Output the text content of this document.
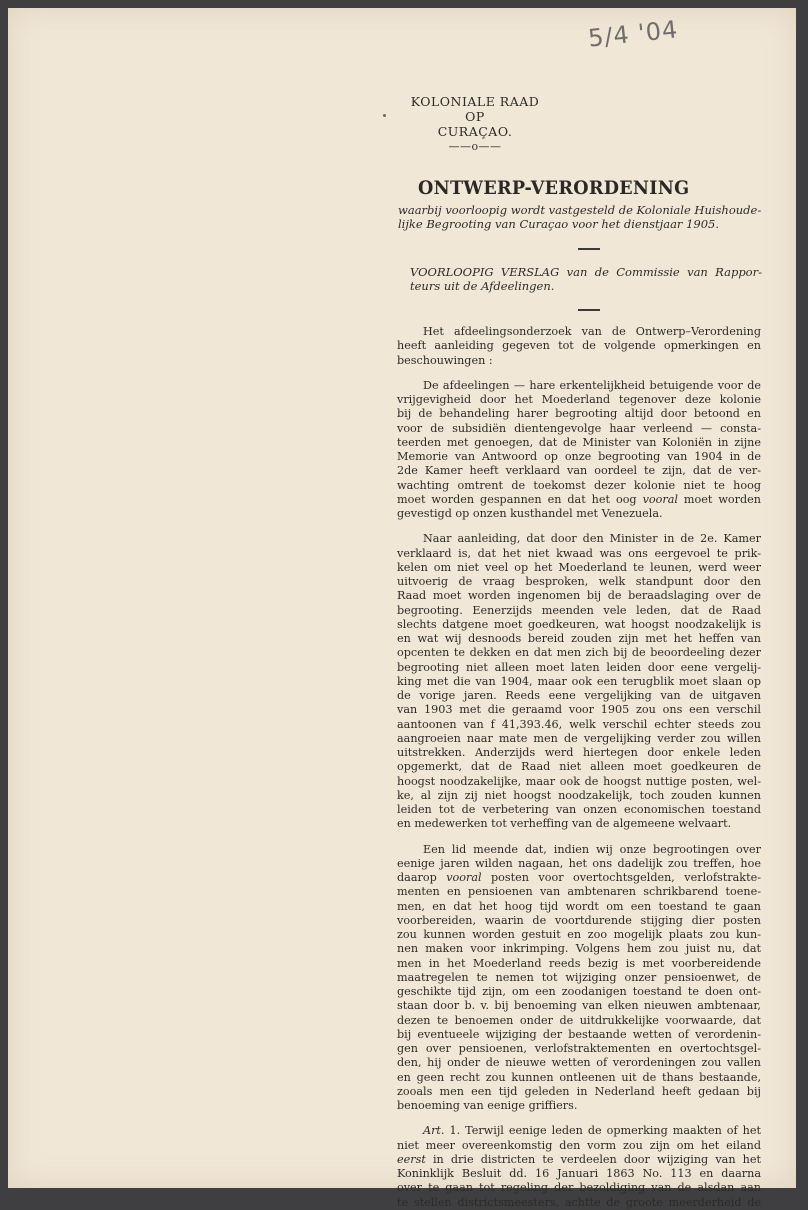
5/4 '04
KOLONIALE RAAD
OP
CURAÇAO.
——o——
ONTWERP-VERORDENING
waarbij voorloopig wordt vastgesteld de Koloniale Huishoude-
lijke Begrooting van Curaçao voor het dienstjaar 1905.
VOORLOOPIG VERSLAG van de Commissie van Rappor-
teurs uit de Afdeelingen.

Het afdeelingsonderzoek van de Ontwerp–Verordening
heeft aanleiding gegeven tot de volgende opmerkingen en
beschouwingen :

De afdeelingen — hare erkentelijkheid betuigende voor de
vrijgevigheid door het Moederland tegenover deze kolonie
bij de behandeling harer begrooting altijd door betoond en
voor de subsidiën dientengevolge haar verleend — consta-
teerden met genoegen, dat de Minister van Koloniën in zijne
Memorie van Antwoord op onze begrooting van 1904 in de
2de Kamer heeft verklaard van oordeel te zijn, dat de ver-
wachting omtrent de toekomst dezer kolonie niet te hoog
moet worden gespannen en dat het oog vooral moet worden
gevestigd op onzen kusthandel met Venezuela.

Naar aanleiding, dat door den Minister in de 2e. Kamer
verklaard is, dat het niet kwaad was ons eergevoel te prik-
kelen om niet veel op het Moederland te leunen, werd weer
uitvoerig de vraag besproken, welk standpunt door den
Raad moet worden ingenomen bij de beraadslaging over de
begrooting. Eenerzijds meenden vele leden, dat de Raad
slechts datgene moet goedkeuren, wat hoogst noodzakelijk is
en wat wij desnoods bereid zouden zijn met het heffen van
opcenten te dekken en dat men zich bij de beoordeeling dezer
begrooting niet alleen moet laten leiden door eene vergelij-
king met die van 1904, maar ook een terugblik moet slaan op
de vorige jaren. Reeds eene vergelijking van de uitgaven
van 1903 met die geraamd voor 1905 zou ons een verschil
aantoonen van f 41,393.46, welk verschil echter steeds zou
aangroeien naar mate men de vergelijking verder zou willen
uitstrekken. Anderzijds werd hiertegen door enkele leden
opgemerkt, dat de Raad niet alleen moet goedkeuren de
hoogst noodzakelijke, maar ook de hoogst nuttige posten, wel-
ke, al zijn zij niet hoogst noodzakelijk, toch zouden kunnen
leiden tot de verbetering van onzen economischen toestand
en medewerken tot verheffing van de algemeene welvaart.

Een lid meende dat, indien wij onze begrootingen over
eenige jaren wilden nagaan, het ons dadelijk zou treffen, hoe
daarop vooral posten voor overtochtsgelden, verlofstrakte-
menten en pensioenen van ambtenaren schrikbarend toene-
men, en dat het hoog tijd wordt om een toestand te gaan
voorbereiden, waarin de voortdurende stijging dier posten
zou kunnen worden gestuit en zoo mogelijk plaats zou kun-
nen maken voor inkrimping. Volgens hem zou juist nu, dat
men in het Moederland reeds bezig is met voorbereidende
maatregelen te nemen tot wijziging onzer pensioenwet, de
geschikte tijd zijn, om een zoodanigen toestand te doen ont-
staan door b. v. bij benoeming van elken nieuwen ambtenaar,
dezen te benoemen onder de uitdrukkelijke voorwaarde, dat
bij eventueele wijziging der bestaande wetten of verordenin-
gen over pensioenen, verlofstraktementen en overtochtsgel-
den, hij onder de nieuwe wetten of verordeningen zou vallen
en geen recht zou kunnen ontleenen uit de thans bestaande,
zooals men een tijd geleden in Nederland heeft gedaan bij
benoeming van eenige griffiers.

Art. 1. Terwijl eenige leden de opmerking maakten of het
niet meer overeenkomstig den vorm zou zijn om het eiland
eerst in drie districten te verdeelen door wijziging van het
Koninklijk Besluit dd. 16 Januari 1863 No. 113 en daarna
over te gaan tot regeling der bezoldiging van de alsdan aan
te stellen districtsmeesters, achtte de groote meerderheid de
